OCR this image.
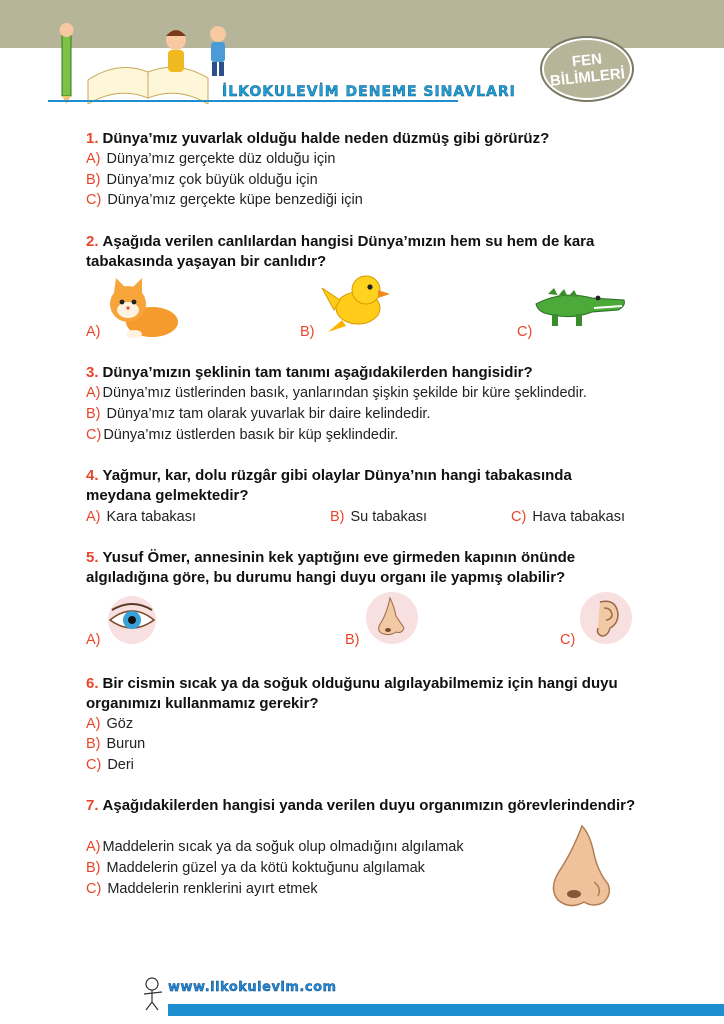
İLKOKULEVİM DENEME SINAVLARI
FEN
BİLİMLERİ
1. Dünya’mız yuvarlak olduğu halde neden düzmüş gibi görürüz?
A) Dünya’mız gerçekte düz olduğu için
B) Dünya’mız çok büyük olduğu için
C) Dünya’mız gerçekte küpe benzediği için
2. Aşağıda verilen canlılardan hangisi Dünya’mızın hem su hem de kara
tabakasında yaşayan bir canlıdır?
A)	B)	C)
3. Dünya’mızın şeklinin tam tanımı aşağıdakilerden hangisidir?
A) Dünya’mız üstlerinden basık, yanlarından şişkin şekilde bir küre şeklindedir.
B) Dünya’mız tam olarak yuvarlak bir daire kelindedir.
C) Dünya’mız üstlerden basık bir küp şeklindedir.
4. Yağmur, kar, dolu rüzgâr gibi olaylar Dünya’nın hangi tabakasında
meydana gelmektedir?
A) Kara tabakası	B) Su tabakası	C) Hava tabakası
5. Yusuf Ömer, annesinin kek yaptığını eve girmeden kapının önünde
algıladığına göre, bu durumu hangi duyu organı ile yapmış olabilir?
A)	B)	C)
6. Bir cismin sıcak ya da soğuk olduğunu algılayabilmemiz için hangi duyu
organımızı kullanmamız gerekir?
A) Göz
B) Burun
C) Deri
7. Aşağıdakilerden hangisi yanda verilen duyu organımızın görevlerindendir?
A) Maddelerin sıcak ya da soğuk olup olmadığını algılamak
B) Maddelerin güzel ya da kötü koktuğunu algılamak
C) Maddelerin renklerini ayırt etmek
www.ilkokulevim.com
